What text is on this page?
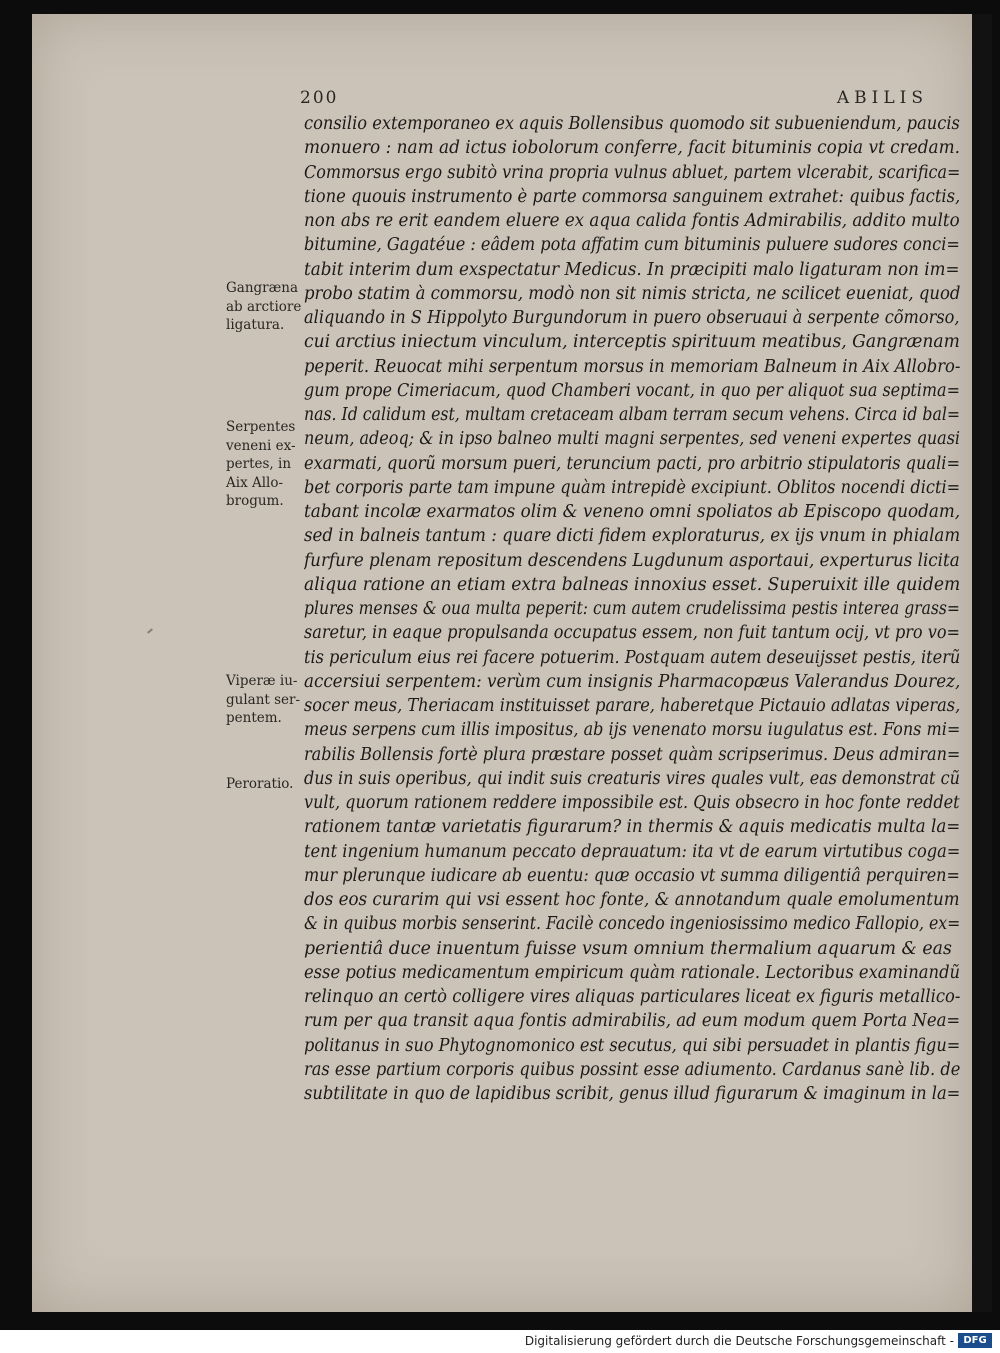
200	ABILIS
Gangræna
ab arctiore
ligatura.
Serpentes
veneni ex-
pertes, in
Aix Allo-
brogum.
Viperæ iu-
gulant ser-
pentem.
Peroratio.
consilio extemporaneo ex aquis Bollensibus quomodo sit subueniendum, paucis
monuero : nam ad ictus iobolorum conferre, facit bituminis copia vt credam.
Commorsus ergo subitò vrina propria vulnus abluet, partem vlcerabit, scarifica=
tione quouis instrumento è parte commorsa sanguinem extrahet: quibus factis,
non abs re erit eandem eluere ex aqua calida fontis Admirabilis, addito multo
bitumine, Gagatéue : eâdem pota affatim cum bituminis puluere sudores conci=
tabit interim dum exspectatur Medicus. In præcipiti malo ligaturam non im=
probo statim à commorsu, modò non sit nimis stricta, ne scilicet eueniat, quod
aliquando in S Hippolyto Burgundorum in puero obseruaui à serpente cõmorso,
cui arctius iniectum vinculum, interceptis spirituum meatibus, Gangrænam
peperit. Reuocat mihi serpentum morsus in memoriam Balneum in Aix Allobro-
gum prope Cimeriacum, quod Chamberi vocant, in quo per aliquot sua septima=
nas. Id calidum est, multam cretaceam albam terram secum vehens. Circa id bal=
neum, adeoq; & in ipso balneo multi magni serpentes, sed veneni expertes quasi
exarmati, quorũ morsum pueri, teruncium pacti, pro arbitrio stipulatoris quali=
bet corporis parte tam impune quàm intrepidè excipiunt. Oblitos nocendi dicti=
tabant incolæ exarmatos olim & veneno omni spoliatos ab Episcopo quodam,
sed in balneis tantum : quare dicti fidem exploraturus, ex ijs vnum in phialam
furfure plenam repositum descendens Lugdunum asportaui, experturus licita
aliqua ratione an etiam extra balneas innoxius esset. Superuixit ille quidem
plures menses & oua multa peperit: cum autem crudelissima pestis interea grass=
saretur, in eaque propulsanda occupatus essem, non fuit tantum ocij, vt pro vo=
tis periculum eius rei facere potuerim. Postquam autem deseuijsset pestis, iterũ
accersiui serpentem: verùm cum insignis Pharmacopæus Valerandus Dourez,
socer meus, Theriacam instituisset parare, haberetque Pictauio adlatas viperas,
meus serpens cum illis impositus, ab ijs venenato morsu iugulatus est. Fons mi=
rabilis Bollensis fortè plura præstare posset quàm scripserimus. Deus admiran=
dus in suis operibus, qui indit suis creaturis vires quales vult, eas demonstrat cũ
vult, quorum rationem reddere impossibile est. Quis obsecro in hoc fonte reddet
rationem tantæ varietatis figurarum? in thermis & aquis medicatis multa la=
tent ingenium humanum peccato deprauatum: ita vt de earum virtutibus coga=
mur plerunque iudicare ab euentu: quæ occasio vt summa diligentiâ perquiren=
dos eos curarim qui vsi essent hoc fonte, & annotandum quale emolumentum
& in quibus morbis senserint. Facilè concedo ingeniosissimo medico Fallopio, ex=
perientiâ duce inuentum fuisse vsum omnium thermalium aquarum & eas
esse potius medicamentum empiricum quàm rationale. Lectoribus examinandũ
relinquo an certò colligere vires aliquas particulares liceat ex figuris metallico-
rum per qua transit aqua fontis admirabilis, ad eum modum quem Porta Nea=
politanus in suo Phytognomonico est secutus, qui sibi persuadet in plantis figu=
ras esse partium corporis quibus possint esse adiumento. Cardanus sanè lib. de
subtilitate in quo de lapidibus scribit, genus illud figurarum & imaginum in la=
Digitalisierung gefördert durch die Deutsche Forschungsgemeinschaft - DFG
